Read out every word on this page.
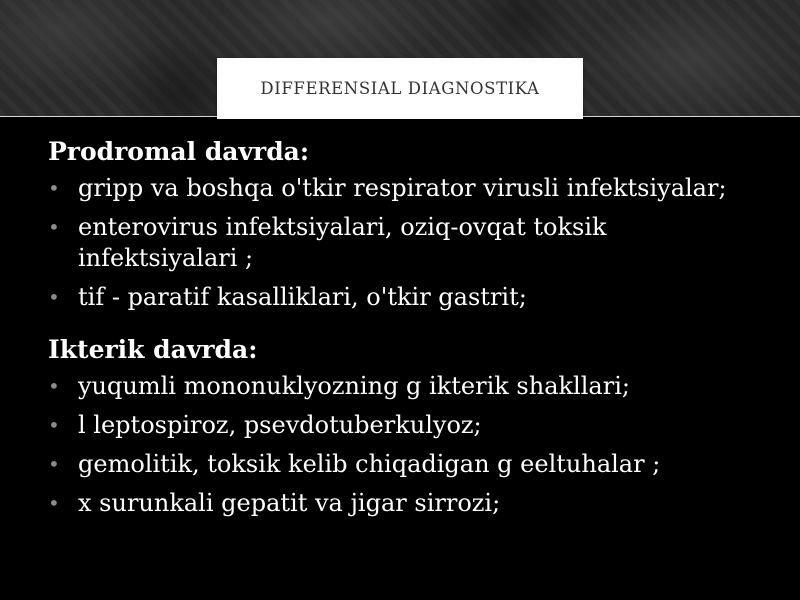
DIFFERENSIAL DIAGNOSTIKA

Prodromal davrda:

• gripp va boshqa o'tkir respirator virusli infektsiyalar;
• enterovirus infektsiyalari, oziq-ovqat toksik infektsiyalari ;
• tif - paratif kasalliklari, o'tkir gastrit;

Ikterik davrda:

• yuqumli mononuklyozning g ikterik shakllari;
• l leptospiroz, psevdotuberkulyoz;
• gemolitik, toksik kelib chiqadigan g eeltuhalar ;
• x surunkali gepatit va jigar sirrozi;
